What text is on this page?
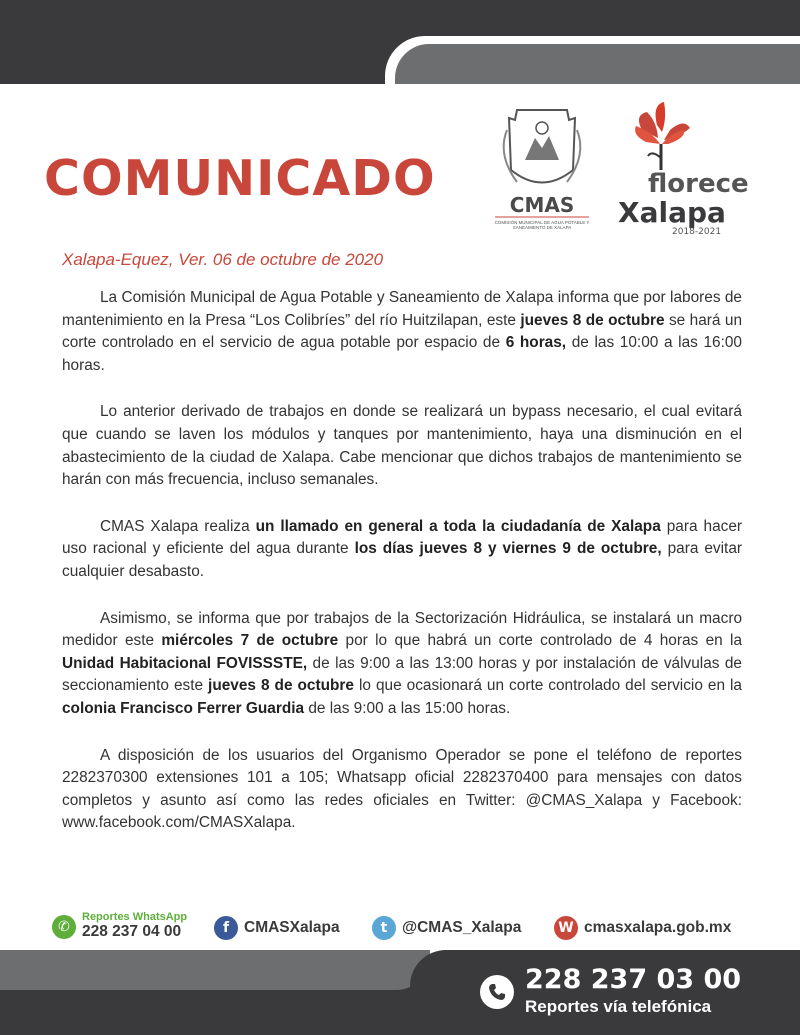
COMUNICADO	CMAS
COMISIÓN MUNICIPAL DE AGUA POTABLE Y SANEAMIENTO DE XALAPA
florece
Xalapa
2018-2021
Xalapa-Equez, Ver. 06 de octubre de 2020

La Comisión Municipal de Agua Potable y Saneamiento de Xalapa informa que por labores de mantenimiento en la Presa “Los Colibríes” del río Huitzilapan, este jueves 8 de octubre se hará un corte controlado en el servicio de agua potable por espacio de 6 horas, de las 10:00 a las 16:00 horas.

Lo anterior derivado de trabajos en donde se realizará un bypass necesario, el cual evitará que cuando se laven los módulos y tanques por mantenimiento, haya una disminución en el abastecimiento de la ciudad de Xalapa. Cabe mencionar que dichos trabajos de mantenimiento se harán con más frecuencia, incluso semanales.

CMAS Xalapa realiza un llamado en general a toda la ciudadanía de Xalapa para hacer uso racional y eficiente del agua durante los días jueves 8 y viernes 9 de octubre, para evitar cualquier desabasto.

Asimismo, se informa que por trabajos de la Sectorización Hidráulica, se instalará un macro medidor este miércoles 7 de octubre por lo que habrá un corte controlado de 4 horas en la Unidad Habitacional FOVISSSTE, de las 9:00 a las 13:00 horas y por instalación de válvulas de seccionamiento este jueves 8 de octubre lo que ocasionará un corte controlado del servicio en la colonia Francisco Ferrer Guardia de las 9:00 a las 15:00 horas.

A disposición de los usuarios del Organismo Operador se pone el teléfono de reportes 2282370300 extensiones 101 a 105; Whatsapp oficial 2282370400 para mensajes con datos completos y asunto así como las redes oficiales en Twitter: @CMAS_Xalapa y Facebook: www.facebook.com/CMASXalapa.

✆
Reportes WhatsApp
228 237 04 00	f CMASXalapa	t @CMAS_Xalapa	W cmasxalapa.gob.mx
228 237 03 00
Reportes vía telefónica
